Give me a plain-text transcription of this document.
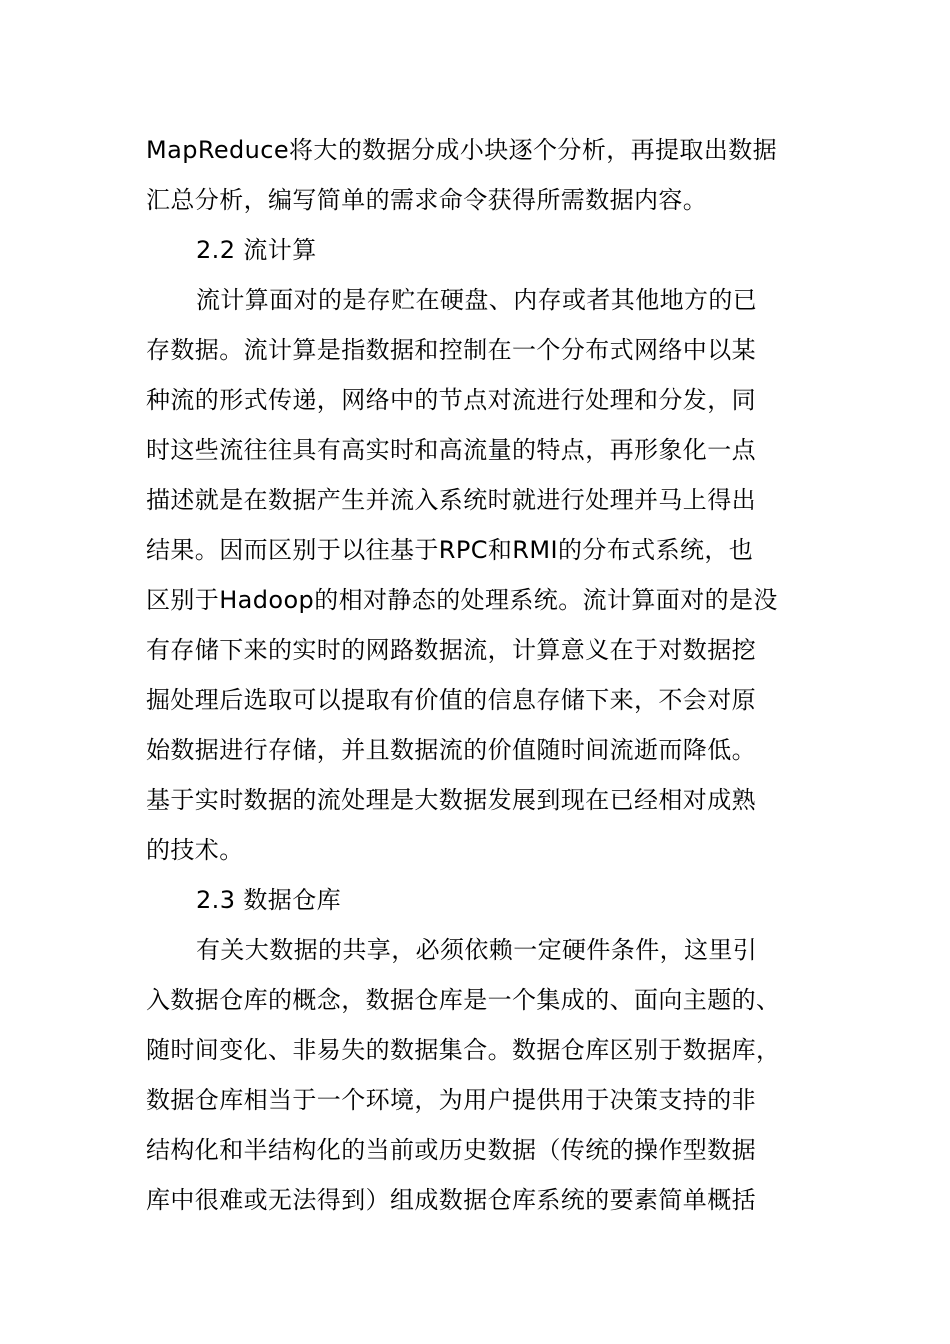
MapReduce将大的数据分成小块逐个分析，再提取出数据
汇总分析，编写简单的需求命令获得所需数据内容。
2.2 流计算
流计算面对的是存贮在硬盘、内存或者其他地方的已
存数据。流计算是指数据和控制在一个分布式网络中以某
种流的形式传递，网络中的节点对流进行处理和分发，同
时这些流往往具有高实时和高流量的特点，再形象化一点
描述就是在数据产生并流入系统时就进行处理并马上得出
结果。因而区别于以往基于RPC和RMI的分布式系统，也
区别于Hadoop的相对静态的处理系统。流计算面对的是没
有存储下来的实时的网路数据流，计算意义在于对数据挖
掘处理后选取可以提取有价值的信息存储下来，不会对原
始数据进行存储，并且数据流的价值随时间流逝而降低。
基于实时数据的流处理是大数据发展到现在已经相对成熟
的技术。
2.3 数据仓库
有关大数据的共享，必须依赖一定硬件条件，这里引
入数据仓库的概念，数据仓库是一个集成的、面向主题的、
随时间变化、非易失的数据集合。数据仓库区别于数据库，
数据仓库相当于一个环境，为用户提供用于决策支持的非
结构化和半结构化的当前或历史数据（传统的操作型数据
库中很难或无法得到）组成数据仓库系统的要素简单概括
